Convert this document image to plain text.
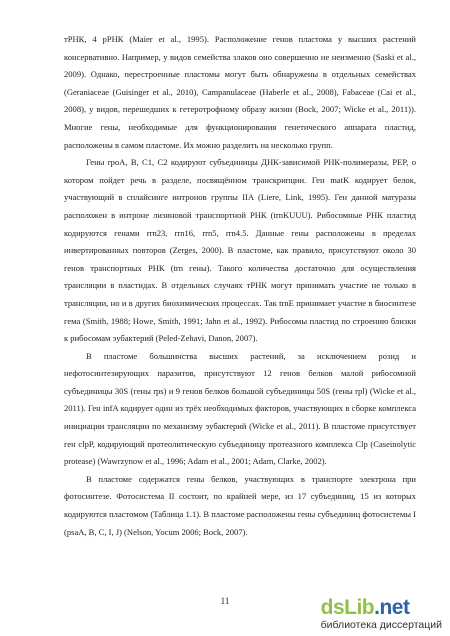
тРНК, 4 рРНК (Maier et al., 1995). Расположение генов пластома у высших растений консервативно. Например, у видов семейства злаков оно совершенно не неизменно (Saski et al., 2009). Однако, перестроенные пластомы могут быть обнаружены в отдельных семействах (Geraniaceae (Guisinger et al., 2010), Campanulaceae (Haberle et al., 2008), Fabaceae (Cai et al., 2008), у видов, перешедших к гетеротрофному образу жизни (Bock, 2007; Wicke et al., 2011)). Многие гены, необходимые для функционирования генетического аппарата пластид, расположены в самом пластоме. Их можно разделить на несколько групп.

Гены rpoA, B, C1, C2 кодируют субъединицы ДНК-зависимой РНК-полимеразы, PEP, о котором пойдет речь в разделе, посвящённом транскрипции. Ген matK кодирует белок, участвующий в сплайсинге интронов группы IIA (Liere, Link, 1995). Ген данной матуразы расположен в интроне лизиновой транспортной РНК (trnKUUU). Рибосомные РНК пластид кодируются генами rrn23, rrn16, rrn5, rrn4.5. Данные гены расположены в пределах инвертированных повторов (Zerges, 2000). В пластоме, как правило, присутствуют около 30 генов транспортных РНК (trn гены). Такого количества достаточно для осуществления трансляции в пластидах. В отдельных случаях тРНК могут принимать участие не только в трансляции, но и в других биохимических процессах. Так trnE принимает участие в биосинтезе гема (Smith, 1988; Howe, Smith, 1991; Jahn et al., 1992). Рибосомы пластид по строению близки к рибосомам эубактерий (Peled-Zehavi, Danon, 2007).

В пластоме большинства высших растений, за исключением розид и нефотосинтезирующих паразитов, присутствуют 12 генов белков малой рибосомной субъединицы 30S (гены rps) и 9 генов белков большой субъединицы 50S (гены rpl) (Wicke et al., 2011). Ген infA кодирует один из трёх необходимых факторов, участвующих в сборке комплекса инициации трансляции по механизму эубактерий (Wicke et al., 2011). В пластоме присутствует ген clpP, кодирующий протеолитическую субъединицу протеазного комплекса Clp (Caseinolytic protease) (Wawrzynow et al., 1996; Adam et al., 2001; Adam, Clarke, 2002).

В пластоме содержатся гены белков, участвующих в транспорте электрона при фотосинтезе. Фотосистема II состоит, по крайней мере, из 17 субъединиц, 15 из которых кодируются пластомом (Таблица 1.1). В пластоме расположены гены субъединиц фотосистемы I (psaA, B, C, I, J) (Nelson, Yocum 2006; Bock, 2007).

11	dsLib.net
библиотека диссертаций
